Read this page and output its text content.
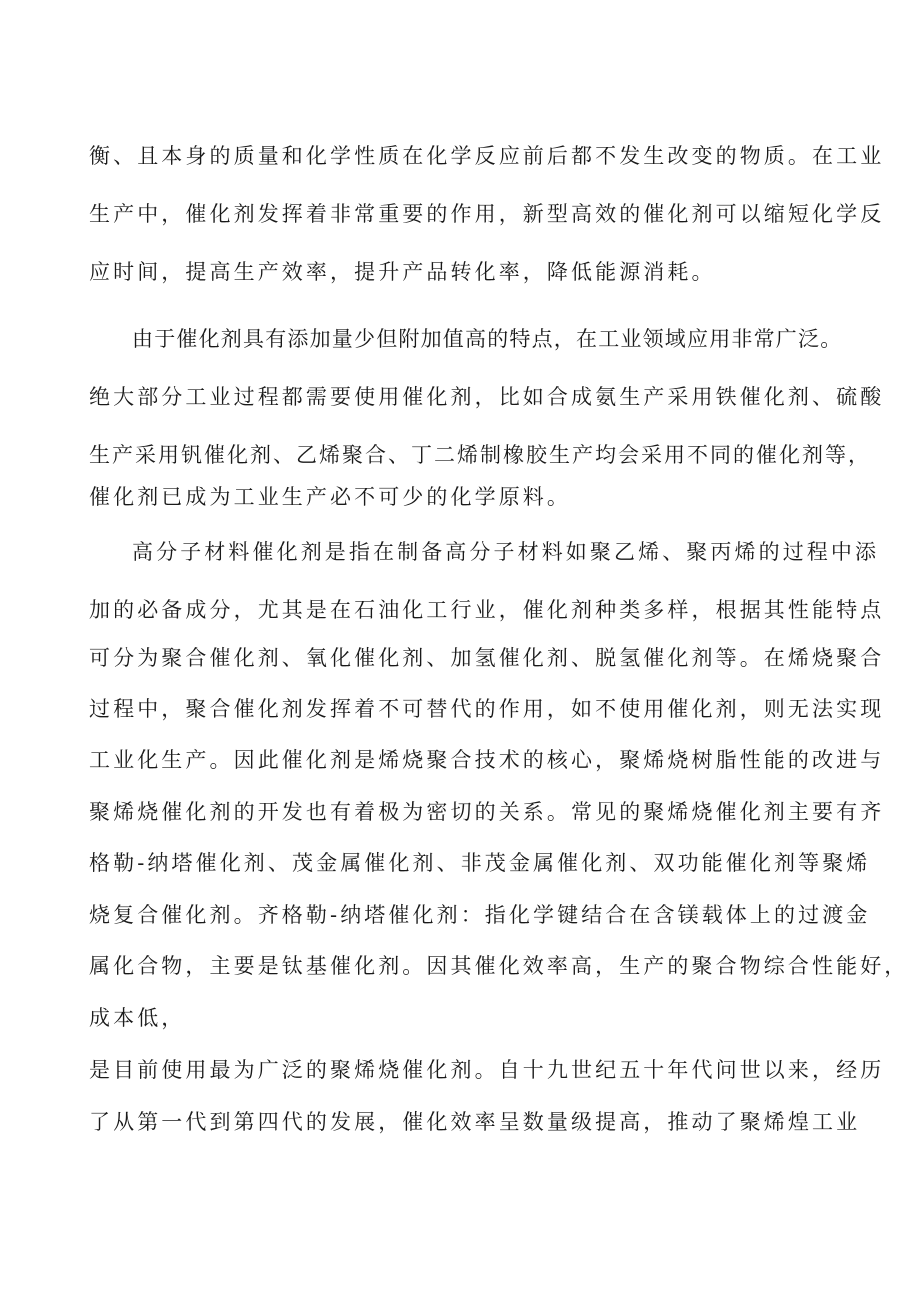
衡、且本身的质量和化学性质在化学反应前后都不发生改变的物质。在工业

生产中，催化剂发挥着非常重要的作用，新型高效的催化剂可以缩短化学反

应时间，提高生产效率，提升产品转化率，降低能源消耗。

由于催化剂具有添加量少但附加值高的特点，在工业领域应用非常广泛。

绝大部分工业过程都需要使用催化剂，比如合成氨生产采用铁催化剂、硫酸

生产采用钒催化剂、乙烯聚合、丁二烯制橡胶生产均会采用不同的催化剂等，

催化剂已成为工业生产必不可少的化学原料。

高分子材料催化剂是指在制备高分子材料如聚乙烯、聚丙烯的过程中添

加的必备成分，尤其是在石油化工行业，催化剂种类多样，根据其性能特点

可分为聚合催化剂、氧化催化剂、加氢催化剂、脱氢催化剂等。在烯烧聚合

过程中，聚合催化剂发挥着不可替代的作用，如不使用催化剂，则无法实现

工业化生产。因此催化剂是烯烧聚合技术的核心，聚烯烧树脂性能的改进与

聚烯烧催化剂的开发也有着极为密切的关系。常见的聚烯烧催化剂主要有齐

格勒-纳塔催化剂、茂金属催化剂、非茂金属催化剂、双功能催化剂等聚烯

烧复合催化剂。齐格勒-纳塔催化剂：指化学键结合在含镁载体上的过渡金

属化合物，主要是钛基催化剂。因其催化效率高，生产的聚合物综合性能好，

成本低，

是目前使用最为广泛的聚烯烧催化剂。自十九世纪五十年代问世以来，经历

了从第一代到第四代的发展，催化效率呈数量级提高，推动了聚烯煌工业
